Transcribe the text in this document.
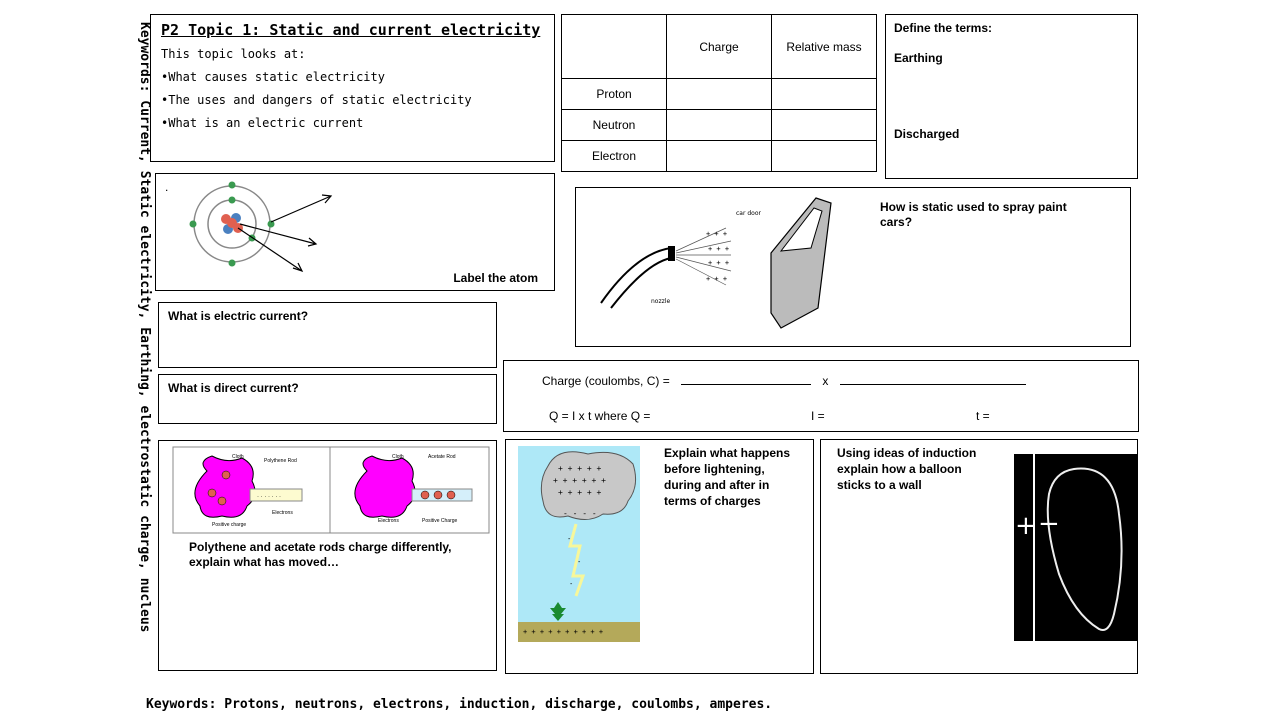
P2 Topic 1: Static and current electricity
This topic looks at:
•What causes static electricity
•The uses and dangers of static electricity
•What is an electric current
Keywords: Current, Static electricity, Earthing, electrostatic charge, nucleus
		Charge	Relative mass
Proton		
Neutron		
Electron		
Define the terms:
Earthing
Discharged
.
Label the atom
+ + +
+ + +
+ + +
+ + +
car door
nozzle
How is static used to spray paint cars?
What is electric current?
What is direct current?	Charge (coulombs, C) =	x
Q = I x t where Q =	I =	t =
· · · · · · ·
Cloth
Polythene Rod
Positive charge
Electrons
Cloth	Acetate Rod
Electrons	Positive Charge
Polythene and acetate rods charge differently, explain what has moved…
+ + + + +
+ + + + + +
+ + + + +
- - - -
-
-
-
+ + + + + + + + + +
Explain what happens before lightening, during and after in terms of charges
Using ideas of induction explain how a balloon sticks to a wall
+ −
Keywords: Protons, neutrons, electrons, induction, discharge, coulombs, amperes.
